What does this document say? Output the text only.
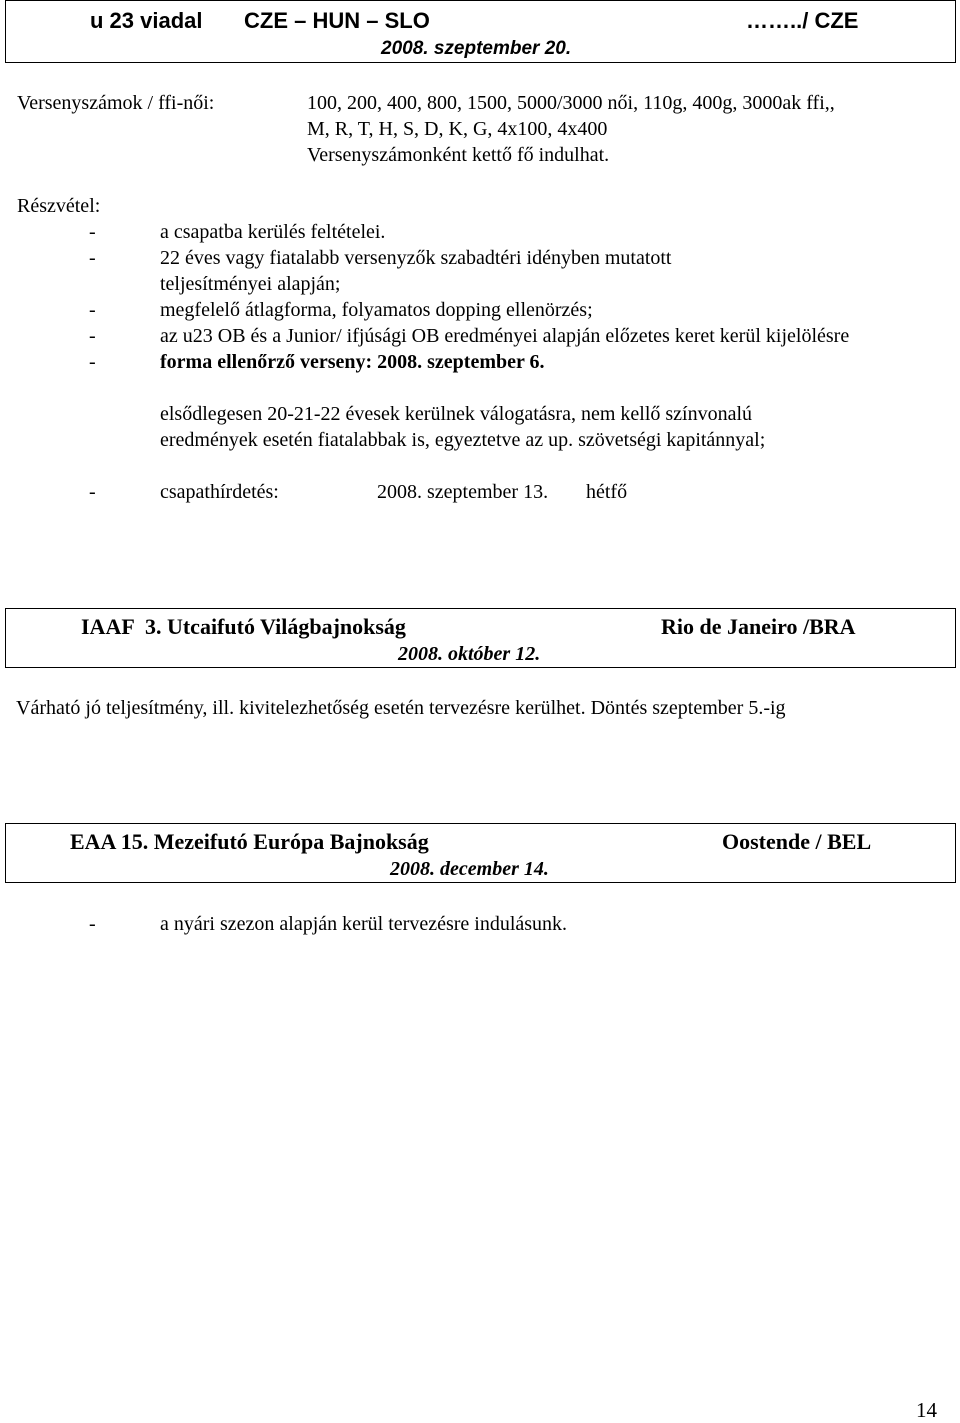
u 23 viadal CZE – HUN – SLO	……../ CZE
2008. szeptember 20.
Versenyszámok / ffi-női:	100, 200, 400, 800, 1500, 5000/3000 női, 110g, 400g, 3000ak ffi,,
M, R, T, H, S, D, K, G, 4x100, 4x400
Versenyszámonként kettő fő indulhat.
Részvétel:
-	a csapatba kerülés feltételei.
-	22 éves vagy fiatalabb versenyzők szabadtéri idényben mutatott
teljesítményei alapján;
-	megfelelő átlagforma, folyamatos dopping ellenörzés;
-	az u23 OB és a Junior/ ifjúsági OB eredményei alapján előzetes keret kerül kijelölésre
-	forma ellenőrző verseny: 2008. szeptember 6.
elsődlegesen 20-21-22 évesek kerülnek válogatásra, nem kellő színvonalú
eredmények esetén fiatalabbak is, egyeztetve az up. szövetségi kapitánnyal;
-	csapathírdetés:	2008. szeptember 13. hétfő
IAAF  3. Utcaifutó Világbajnokság	Rio de Janeiro /BRA
2008. október 12.
Várható jó teljesítmény, ill. kivitelezhetőség esetén tervezésre kerülhet. Döntés szeptember 5.-ig
EAA 15. Mezeifutó Európa Bajnokság	Oostende / BEL
2008. december 14.
-	a nyári szezon alapján kerül tervezésre indulásunk.
14
